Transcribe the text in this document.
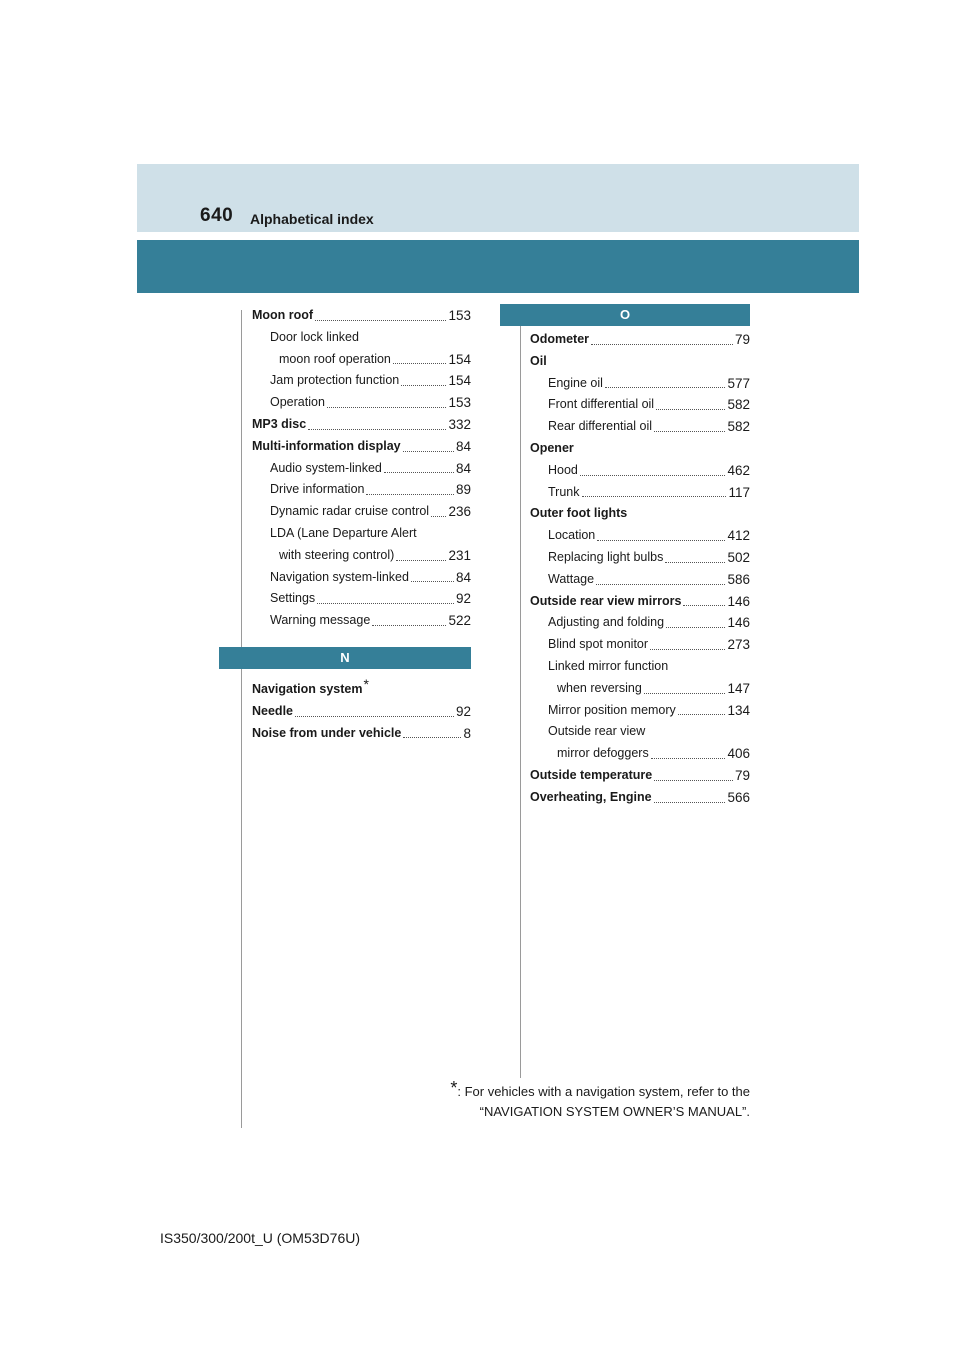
640 Alphabetical index
Moon roof	153
Door lock linked
moon roof operation	154
Jam protection function	154
Operation	153
MP3 disc	332
Multi-information display	84
Audio system-linked	84
Drive information	89
Dynamic radar cruise control 236
LDA (Lane Departure Alert
with steering control)	231
Navigation system-linked	84
Settings	92
Warning message	522
N
Navigation system *
Needle	92
Noise from under vehicle	8
O
Odometer	79
Oil
Engine oil	577
Front differential oil	582
Rear differential oil	582
Opener
Hood	462
Trunk	117
Outer foot lights
Location	412
Replacing light bulbs	502
Wattage	586
Outside rear view mirrors	146
Adjusting and folding	146
Blind spot monitor	273
Linked mirror function
when reversing	147
Mirror position memory	134
Outside rear view
mirror defoggers	406
Outside temperature	79
Overheating, Engine	566
*: For vehicles with a navigation system, refer to the
“NAVIGATION SYSTEM OWNER’S MANUAL”.
IS350/300/200t_U (OM53D76U)
